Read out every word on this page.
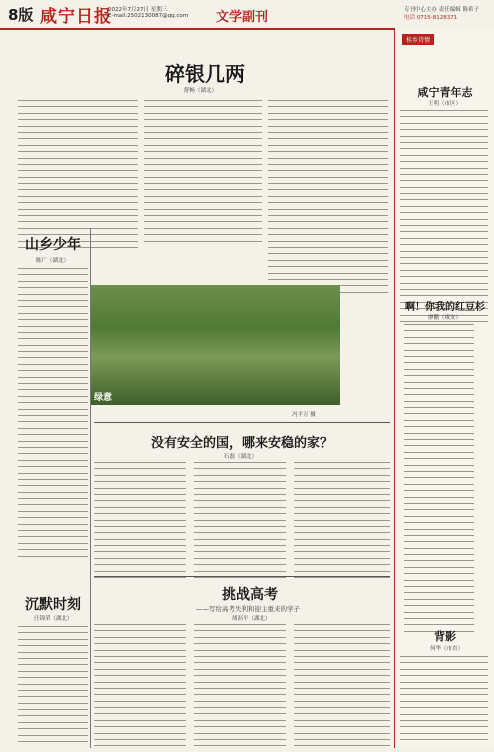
8版 咸宁日报
2022年7月27日 星期三
E-mail:2502130087@qq.com 文学副刊	专刊中心主办 责任编辑 陈希子
电话 0715-8128371
碎银几两
舒畅（湖北）
山乡少年
陈广（湖北）
绿意
冯平万 摄
没有安全的国，哪来安稳的家？
石磊（湖北）
沉默时刻
汪锦荣（湖北）
挑战高考
——写给高考失利和迎主重来的学子
胡沥平（湖北）
桂乡诗情
咸宁青年志
王明（市区）
啊！你我的红豆杉
廖鹏（咸安）
背影
何华（市直）
